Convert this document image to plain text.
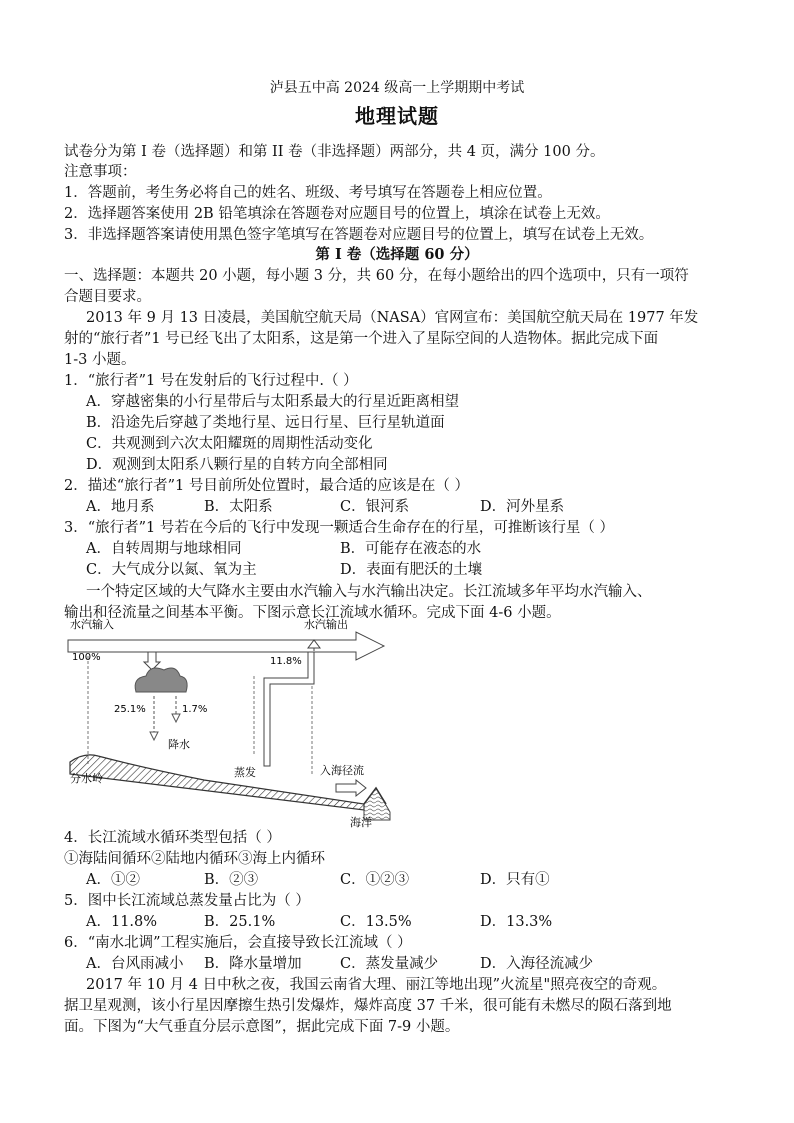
泸县五中高 2024 级高一上学期期中考试
地理试题
试卷分为第 I 卷（选择题）和第 II 卷（非选择题）两部分，共 4 页，满分 100 分。
注意事项：
1．答题前，考生务必将自己的姓名、班级、考号填写在答题卷上相应位置。
2．选择题答案使用 2B 铅笔填涂在答题卷对应题目号的位置上，填涂在试卷上无效。
3．非选择题答案请使用黑色签字笔填写在答题卷对应题目号的位置上，填写在试卷上无效。
第 I 卷（选择题 60 分）
一、选择题：本题共 20 小题，每小题 3 分，共 60 分，在每小题给出的四个选项中，只有一项符
合题目要求。
2013 年 9 月 13 日凌晨，美国航空航天局（NASA）官网宣布：美国航空航天局在 1977 年发
射的“旅行者”1 号已经飞出了太阳系，这是第一个进入了星际空间的人造物体。据此完成下面
1-3 小题。
1．“旅行者”1 号在发射后的飞行过程中.（ ）
A．穿越密集的小行星带后与太阳系最大的行星近距离相望
B．沿途先后穿越了类地行星、远日行星、巨行星轨道面
C．共观测到六次太阳耀斑的周期性活动变化
D．观测到太阳系八颗行星的自转方向全部相同
2．描述“旅行者”1 号目前所处位置时，最合适的应该是在（ ）
A．地月系	B．太阳系	C．银河系	D．河外星系
3．“旅行者”1 号若在今后的飞行中发现一颗适合生命存在的行星，可推断该行星（ ）
A．自转周期与地球相同	B．可能存在液态的水
C．大气成分以氮、氧为主	D．表面有肥沃的土壤
一个特定区域的大气降水主要由水汽输入与水汽输出决定。长江流域多年平均水汽输入、
输出和径流量之间基本平衡。下图示意长江流域水循环。完成下面 4-6 小题。
水汽输入	水汽输出
100%
25.1%	1.7%
降水
11.8%
蒸发
分水岭
入海径流
海洋
4．长江流域水循环类型包括（ ）
①海陆间循环②陆地内循环③海上内循环
A．①②	B．②③	C．①②③	D．只有①
5．图中长江流域总蒸发量占比为（ ）
A．11.8%	B．25.1%	C．13.5%	D．13.3%
6．“南水北调”工程实施后，会直接导致长江流域（ ）
A．台风雨减小 B．降水量增加	C．蒸发量减少	D．入海径流减少
2017 年 10 月 4 日中秋之夜，我国云南省大理、丽江等地出现”火流星"照亮夜空的奇观。
据卫星观测，该小行星因摩擦生热引发爆炸，爆炸高度 37 千米，很可能有未燃尽的陨石落到地
面。下图为“大气垂直分层示意图”，据此完成下面 7-9 小题。
